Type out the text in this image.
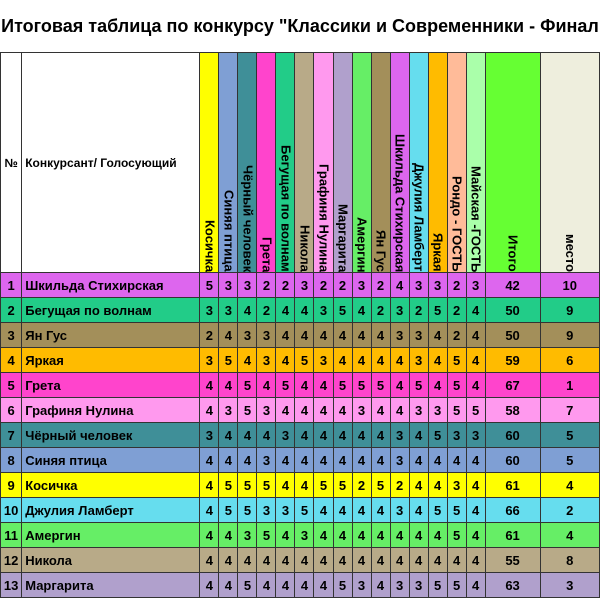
Итоговая таблица по конкурсу "Классики и Современники - Финал
№	Конкурсант/ Голосующий	Косичка	Синяя птица	Чёрный человек	Грета	Бегущая по волнам	Никола	Графиня Нулина	Маргарита	Амергин	Ян Гус	Шкильда Стихирская	Джулия Ламберт	Яркая	Рондо - ГОСТЬ	Майская -ГОСТЬ	Итого	место

1	Шкильда Стихирская	5	3	3	2	2	3	2	2	3	2	4	3	3	2	3	42	10
2	Бегущая по волнам	3	3	4	2	4	4	3	5	4	2	3	2	5	2	4	50	9
3	Ян Гус	2	4	3	3	4	4	4	4	4	4	3	3	4	2	4	50	9
4	Яркая	3	5	4	3	4	5	3	4	4	4	4	3	4	5	4	59	6
5	Грета	4	4	5	4	5	4	4	5	5	5	4	5	4	5	4	67	1
6	Графиня Нулина	4	3	5	3	4	4	4	4	3	4	4	3	3	5	5	58	7
7	Чёрный человек	3	4	4	4	3	4	4	4	4	4	3	4	5	3	3	60	5
8	Синяя птица	4	4	4	3	4	4	4	4	4	4	3	4	4	4	4	60	5
9	Косичка	4	5	5	5	4	4	5	5	2	5	2	4	4	3	4	61	4
10	Джулия Ламберт	4	5	5	3	3	5	4	4	4	4	3	4	5	5	4	66	2
11	Амергин	4	4	3	5	4	3	4	4	4	4	4	4	4	5	4	61	4
12	Никола	4	4	4	4	4	4	4	4	4	4	4	4	4	4	4	55	8
13	Маргарита	4	4	5	4	4	4	4	5	3	4	3	3	5	5	4	63	3
